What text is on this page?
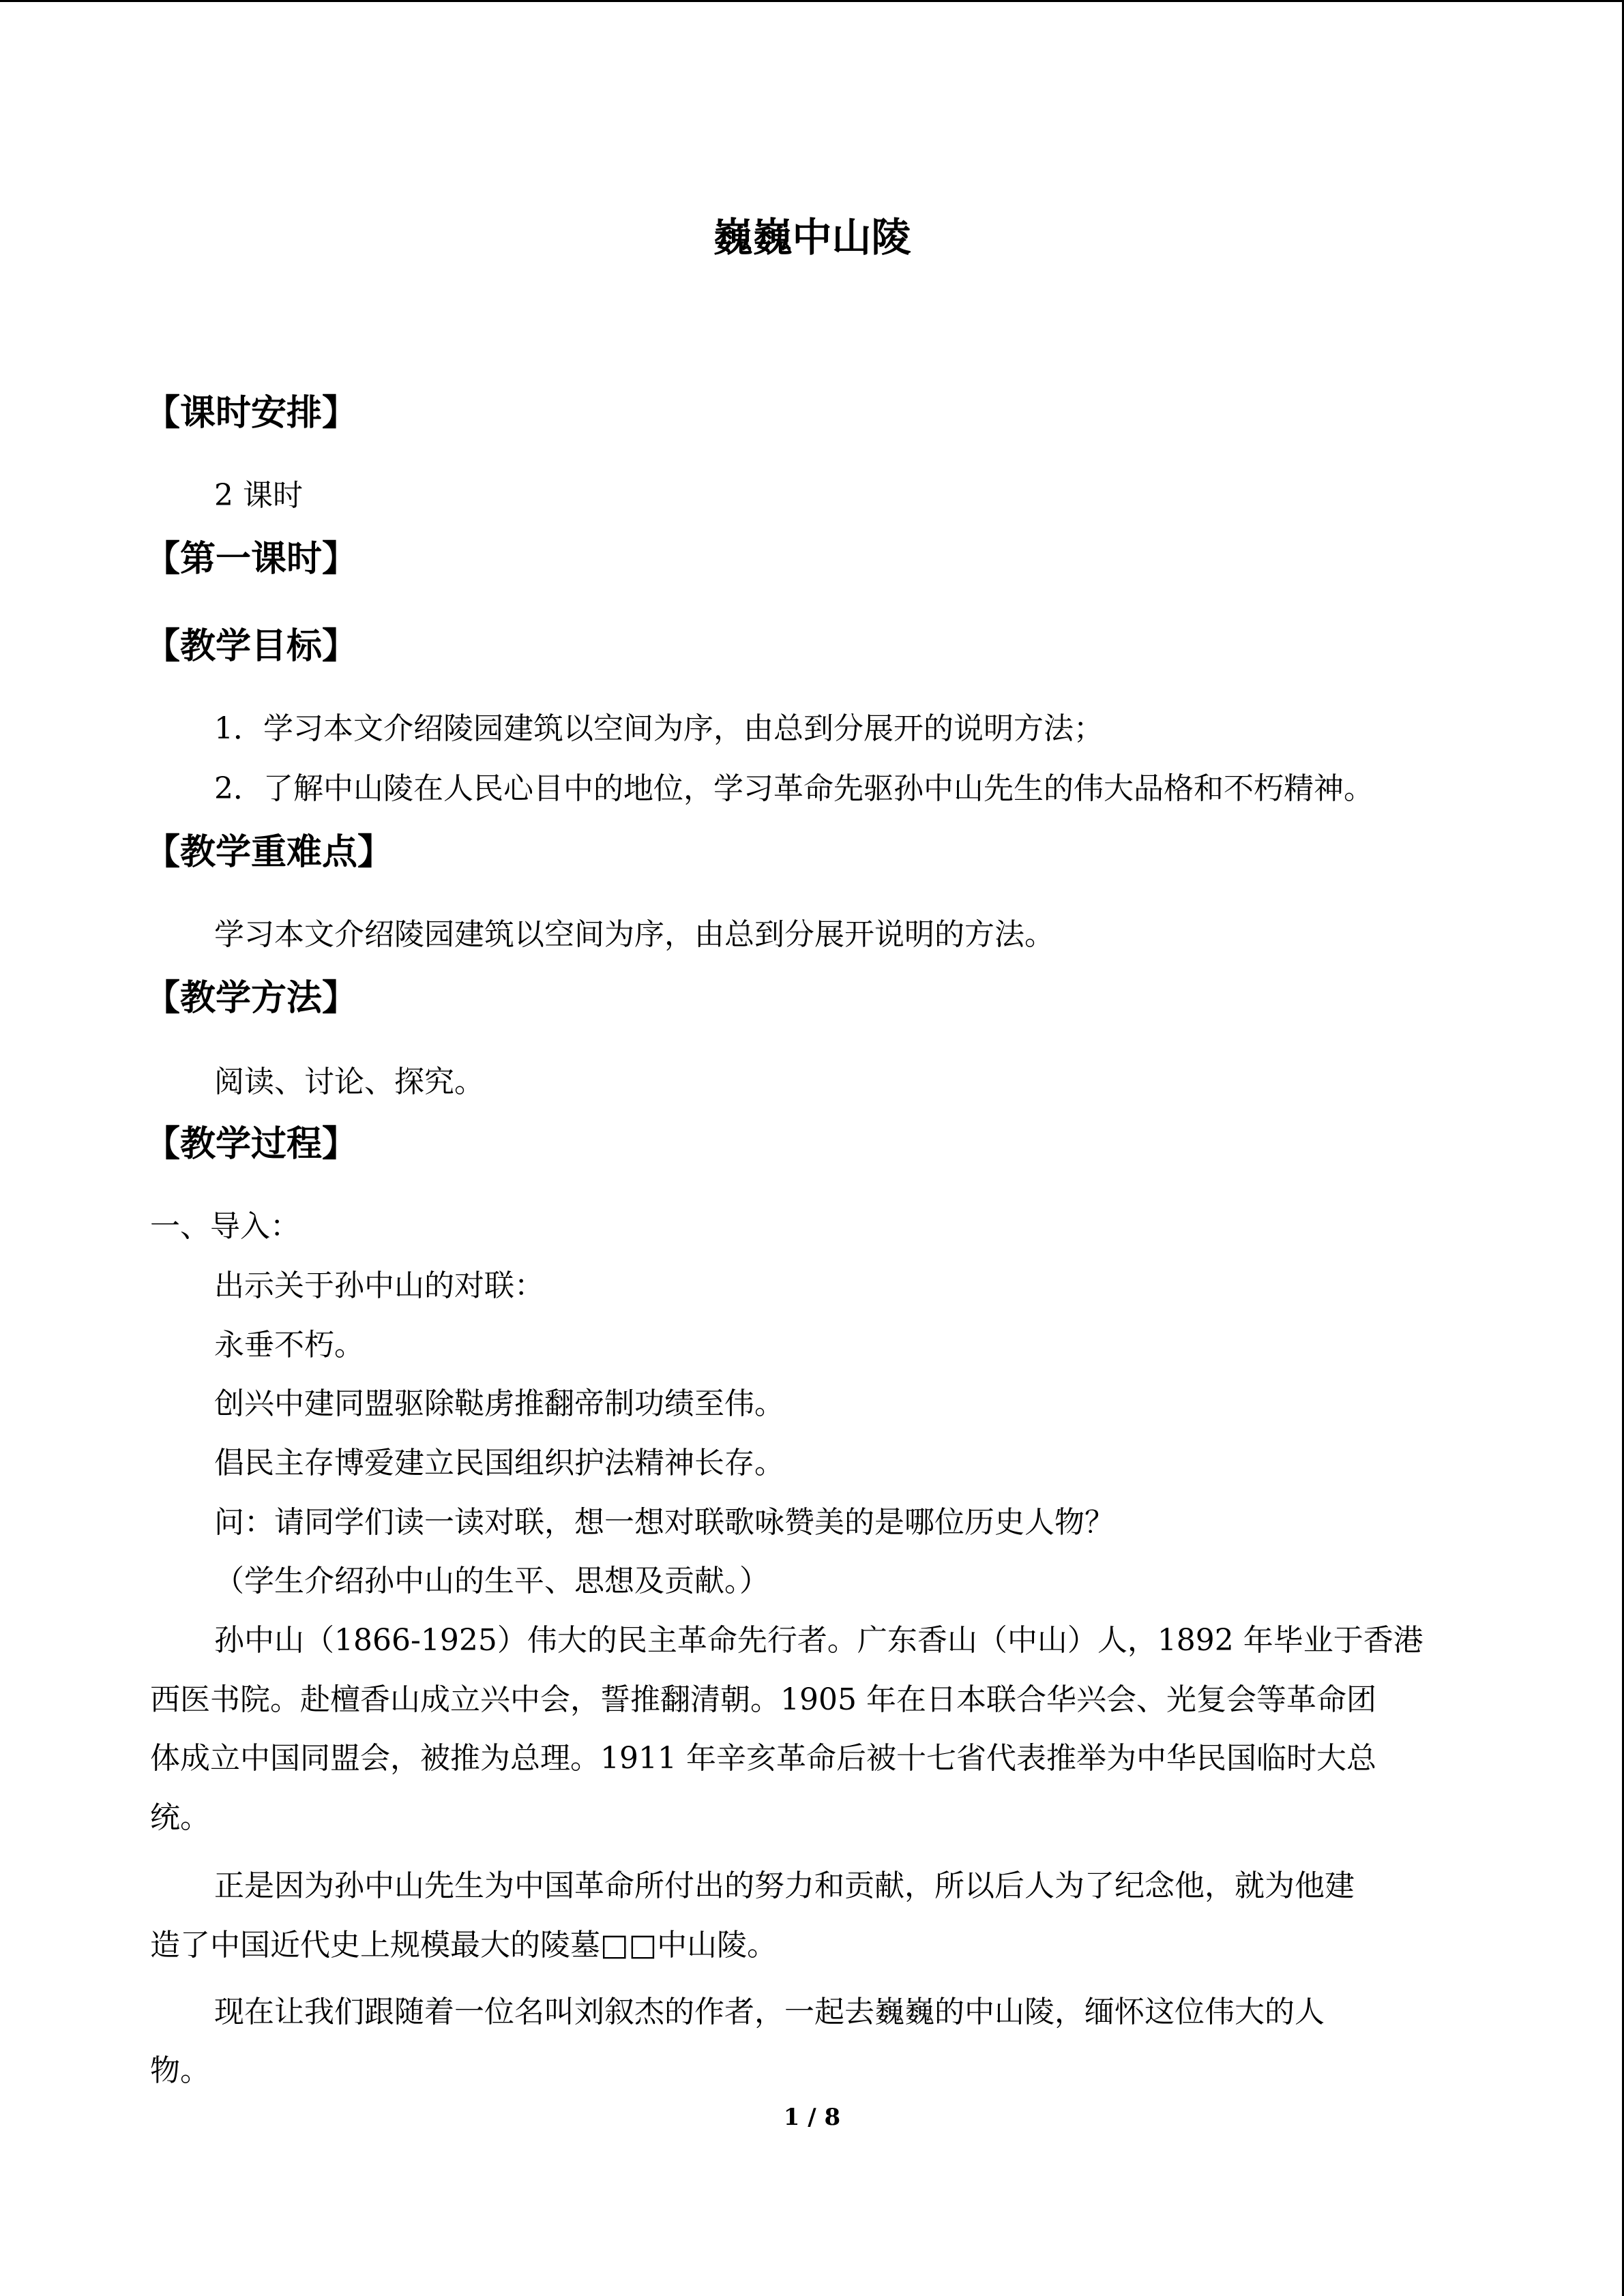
巍巍中山陵
【课时安排】
2 课时
【第一课时】
【教学目标】
1．学习本文介绍陵园建筑以空间为序，由总到分展开的说明方法；
2．了解中山陵在人民心目中的地位，学习革命先驱孙中山先生的伟大品格和不朽精神。
【教学重难点】
学习本文介绍陵园建筑以空间为序，由总到分展开说明的方法。
【教学方法】
阅读、讨论、探究。
【教学过程】
一、导入：
出示关于孙中山的对联：
永垂不朽。
创兴中建同盟驱除鞑虏推翻帝制功绩至伟。
倡民主存博爱建立民国组织护法精神长存。
问：请同学们读一读对联，想一想对联歌咏赞美的是哪位历史人物？
（学生介绍孙中山的生平、思想及贡献。）
孙中山（1866-1925）伟大的民主革命先行者。广东香山（中山）人，1892 年毕业于香港
西医书院。赴檀香山成立兴中会，誓推翻清朝。1905 年在日本联合华兴会、光复会等革命团
体成立中国同盟会，被推为总理。1911 年辛亥革命后被十七省代表推举为中华民国临时大总
统。
正是因为孙中山先生为中国革命所付出的努力和贡献，所以后人为了纪念他，就为他建
造了中国近代史上规模最大的陵墓□□中山陵。
现在让我们跟随着一位名叫刘叙杰的作者，一起去巍巍的中山陵，缅怀这位伟大的人
物。
1 / 8
